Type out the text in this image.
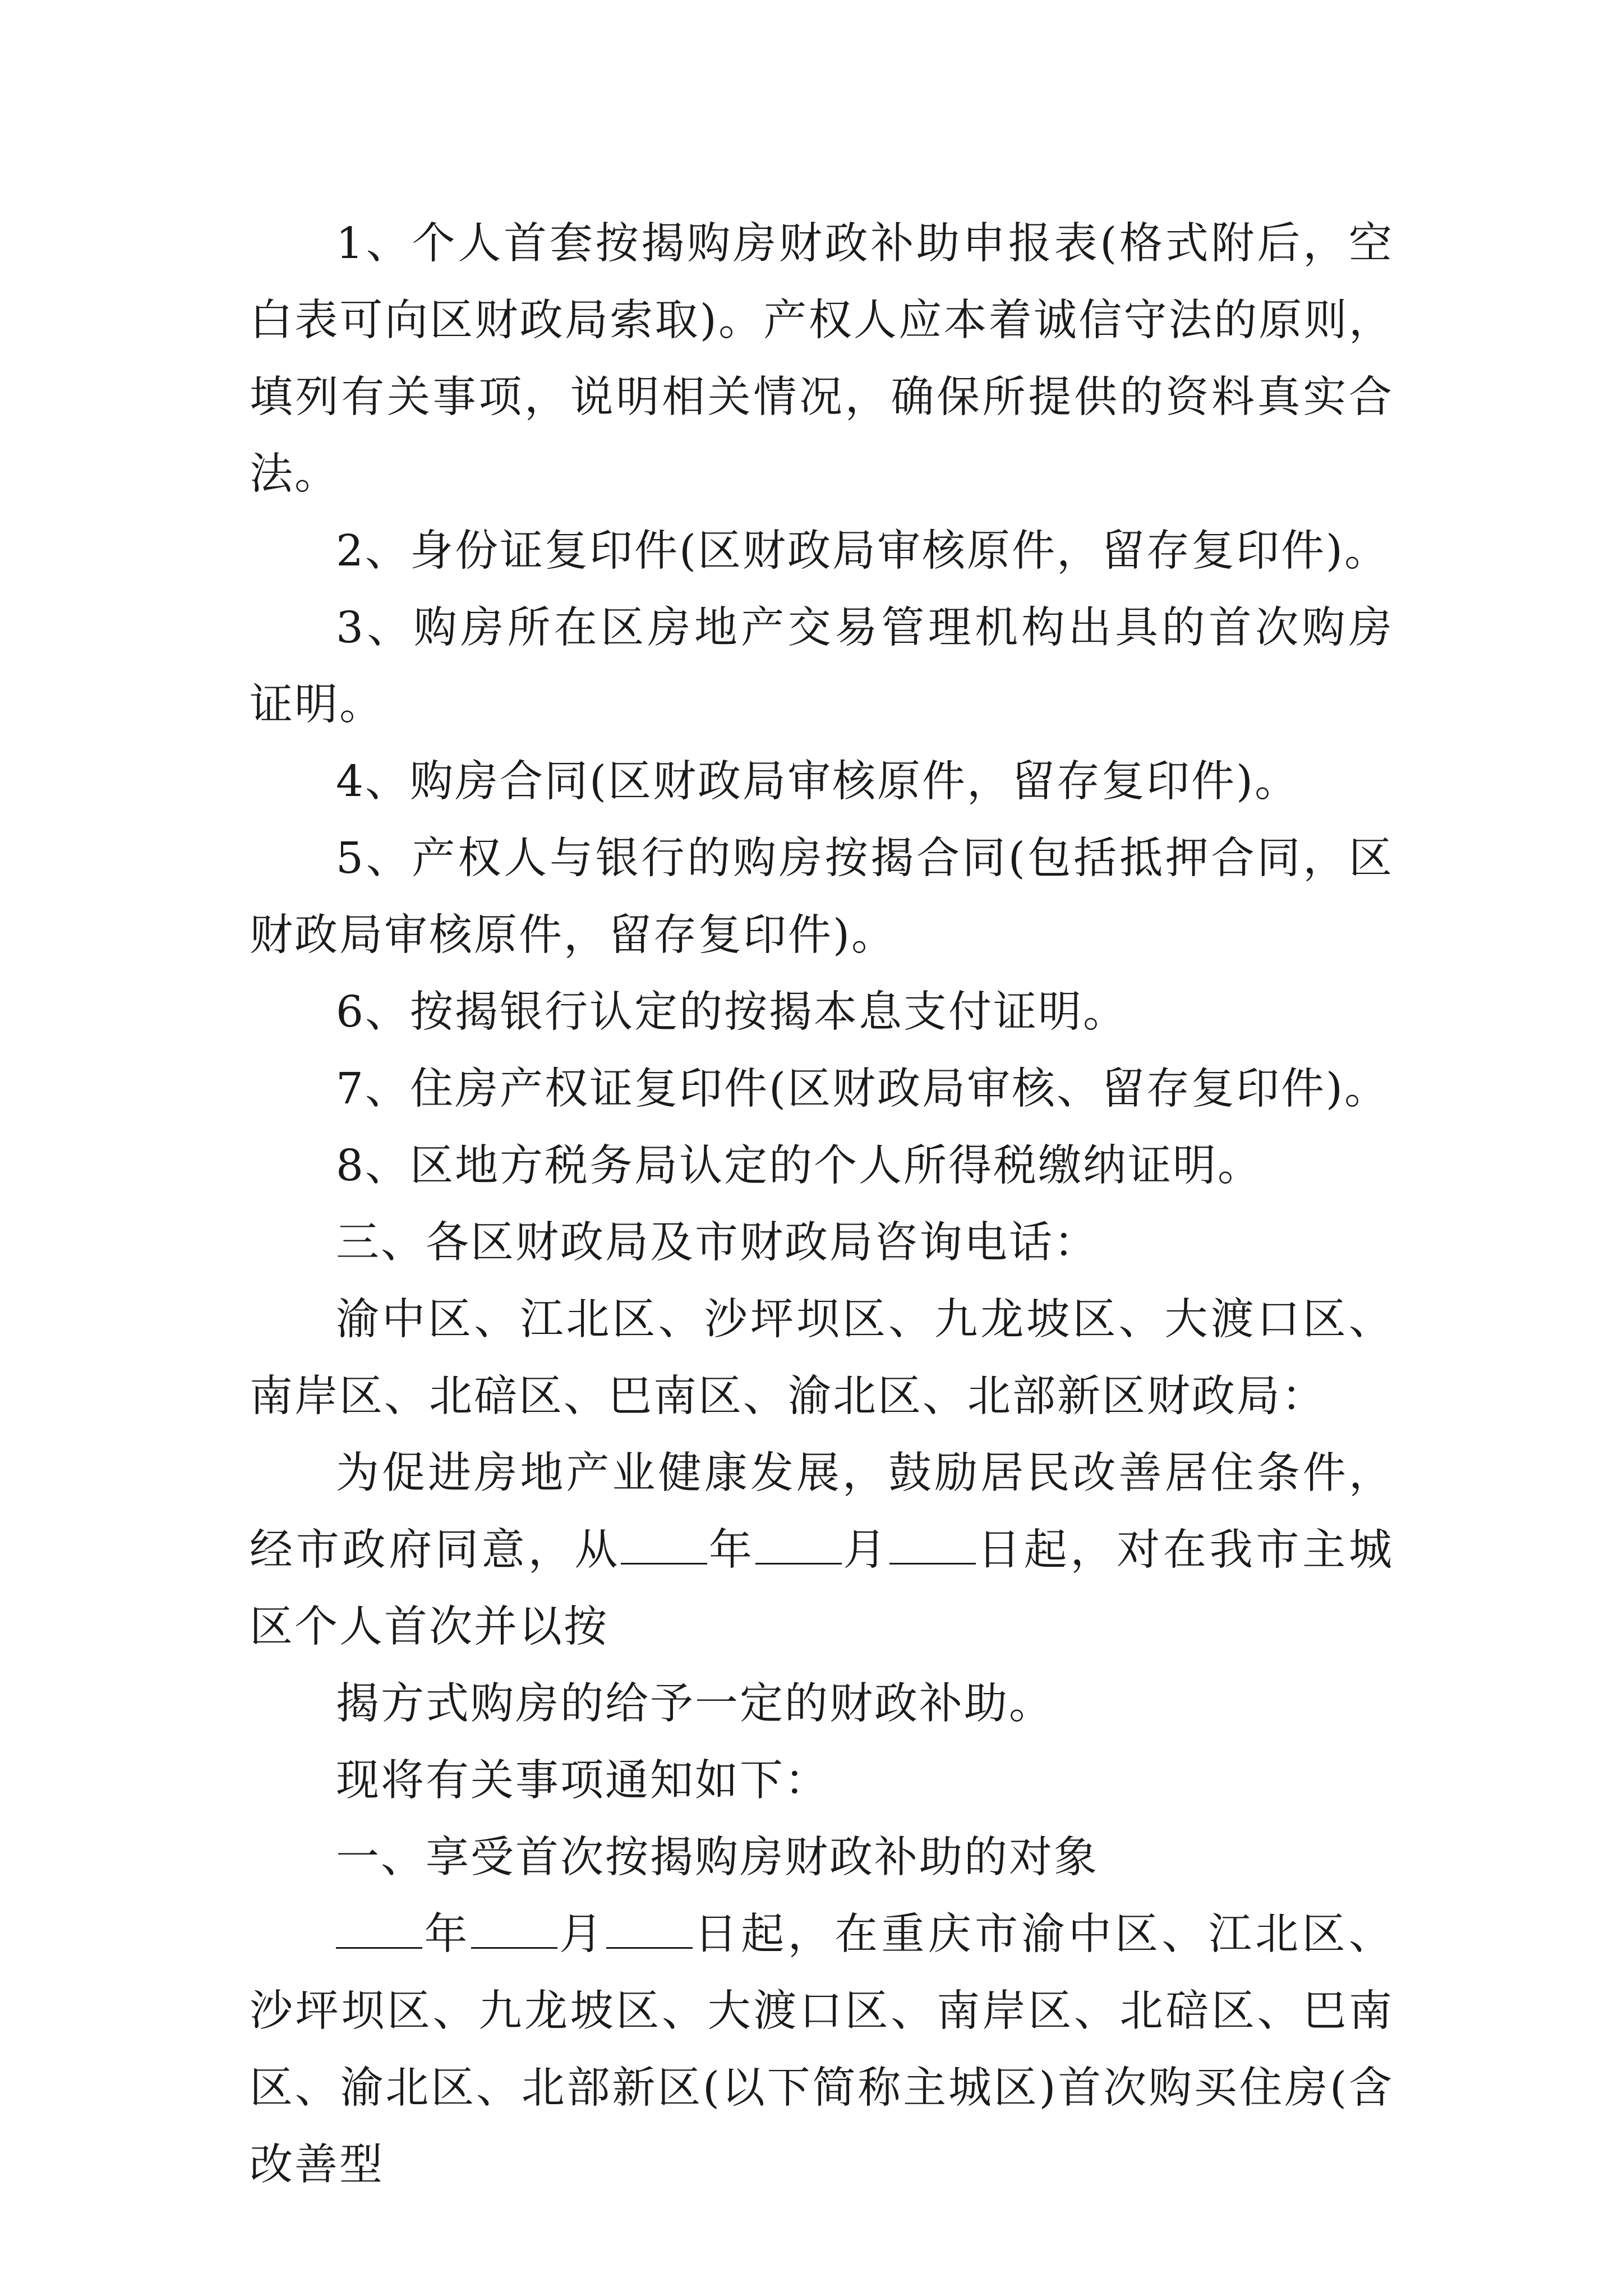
1、个人首套按揭购房财政补助申报表(格式附后，空白表可向区财政局索取)。产权人应本着诚信守法的原则，填列有关事项，说明相关情况，确保所提供的资料真实合法。

2、身份证复印件(区财政局审核原件，留存复印件)。

3、购房所在区房地产交易管理机构出具的首次购房证明。

4、购房合同(区财政局审核原件，留存复印件)。

5、产权人与银行的购房按揭合同(包括抵押合同，区财政局审核原件，留存复印件)。

6、按揭银行认定的按揭本息支付证明。

7、住房产权证复印件(区财政局审核、留存复印件)。

8、区地方税务局认定的个人所得税缴纳证明。

三、各区财政局及市财政局咨询电话：

渝中区、江北区、沙坪坝区、九龙坡区、大渡口区、南岸区、北碚区、巴南区、渝北区、北部新区财政局：

为促进房地产业健康发展，鼓励居民改善居住条件，经市政府同意，从 年 月 日起，对在我市主城区个人首次并以按

揭方式购房的给予一定的财政补助。

现将有关事项通知如下：

一、享受首次按揭购房财政补助的对象

年 月 日起，在重庆市渝中区、江北区、沙坪坝区、九龙坡区、大渡口区、南岸区、北碚区、巴南区、渝北区、北部新区(以下简称主城区)首次购买住房(含改善型
